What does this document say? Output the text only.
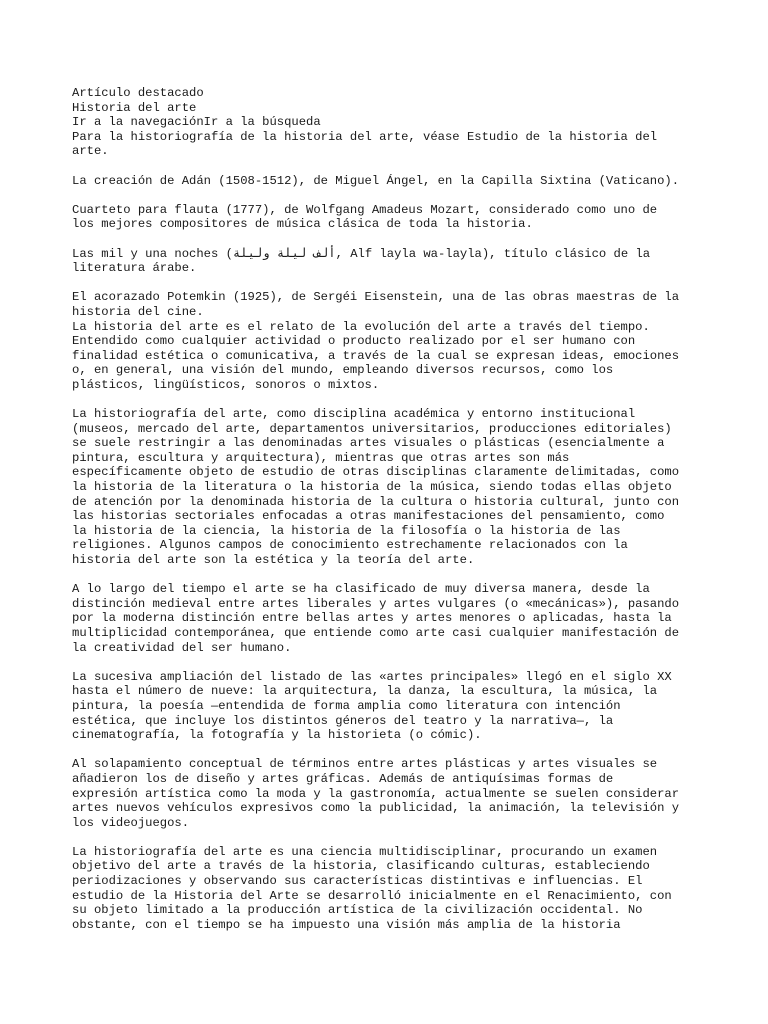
Artículo destacado

Historia del arte

Ir a la navegaciónIr a la búsqueda

Para la historiografía de la historia del arte, véase Estudio de la historia del
arte.

La creación de Adán (1508-1512), de Miguel Ángel, en la Capilla Sixtina (Vaticano).

Cuarteto para flauta (1777), de Wolfgang Amadeus Mozart, considerado como uno de
los mejores compositores de música clásica de toda la historia.

Las mil y una noches (ألف ليلة وليلة, Alf layla wa-layla), título clásico de la
literatura árabe.

El acorazado Potemkin (1925), de Sergéi Eisenstein, una de las obras maestras de la
historia del cine.

La historia del arte es el relato de la evolución del arte a través del tiempo.
Entendido como cualquier actividad o producto realizado por el ser humano con
finalidad estética o comunicativa, a través de la cual se expresan ideas, emociones
o, en general, una visión del mundo, empleando diversos recursos, como los
plásticos, lingüísticos, sonoros o mixtos.

La historiografía del arte, como disciplina académica y entorno institucional
(museos, mercado del arte, departamentos universitarios, producciones editoriales)
se suele restringir a las denominadas artes visuales o plásticas (esencialmente a
pintura, escultura y arquitectura), mientras que otras artes son más
específicamente objeto de estudio de otras disciplinas claramente delimitadas, como
la historia de la literatura o la historia de la música, siendo todas ellas objeto
de atención por la denominada historia de la cultura o historia cultural, junto con
las historias sectoriales enfocadas a otras manifestaciones del pensamiento, como
la historia de la ciencia, la historia de la filosofía o la historia de las
religiones. Algunos campos de conocimiento estrechamente relacionados con la
historia del arte son la estética y la teoría del arte.

A lo largo del tiempo el arte se ha clasificado de muy diversa manera, desde la
distinción medieval entre artes liberales y artes vulgares (o «mecánicas»), pasando
por la moderna distinción entre bellas artes y artes menores o aplicadas, hasta la
multiplicidad contemporánea, que entiende como arte casi cualquier manifestación de
la creatividad del ser humano.

La sucesiva ampliación del listado de las «artes principales» llegó en el siglo XX
hasta el número de nueve: la arquitectura, la danza, la escultura, la música, la
pintura, la poesía —entendida de forma amplia como literatura con intención
estética, que incluye los distintos géneros del teatro y la narrativa—, la
cinematografía, la fotografía y la historieta (o cómic).

Al solapamiento conceptual de términos entre artes plásticas y artes visuales se
añadieron los de diseño y artes gráficas. Además de antiquísimas formas de
expresión artística como la moda y la gastronomía, actualmente se suelen considerar
artes nuevos vehículos expresivos como la publicidad, la animación, la televisión y
los videojuegos.

La historiografía del arte es una ciencia multidisciplinar, procurando un examen
objetivo del arte a través de la historia, clasificando culturas, estableciendo
periodizaciones y observando sus características distintivas e influencias. El
estudio de la Historia del Arte se desarrolló inicialmente en el Renacimiento, con
su objeto limitado a la producción artística de la civilización occidental. No
obstante, con el tiempo se ha impuesto una visión más amplia de la historia
